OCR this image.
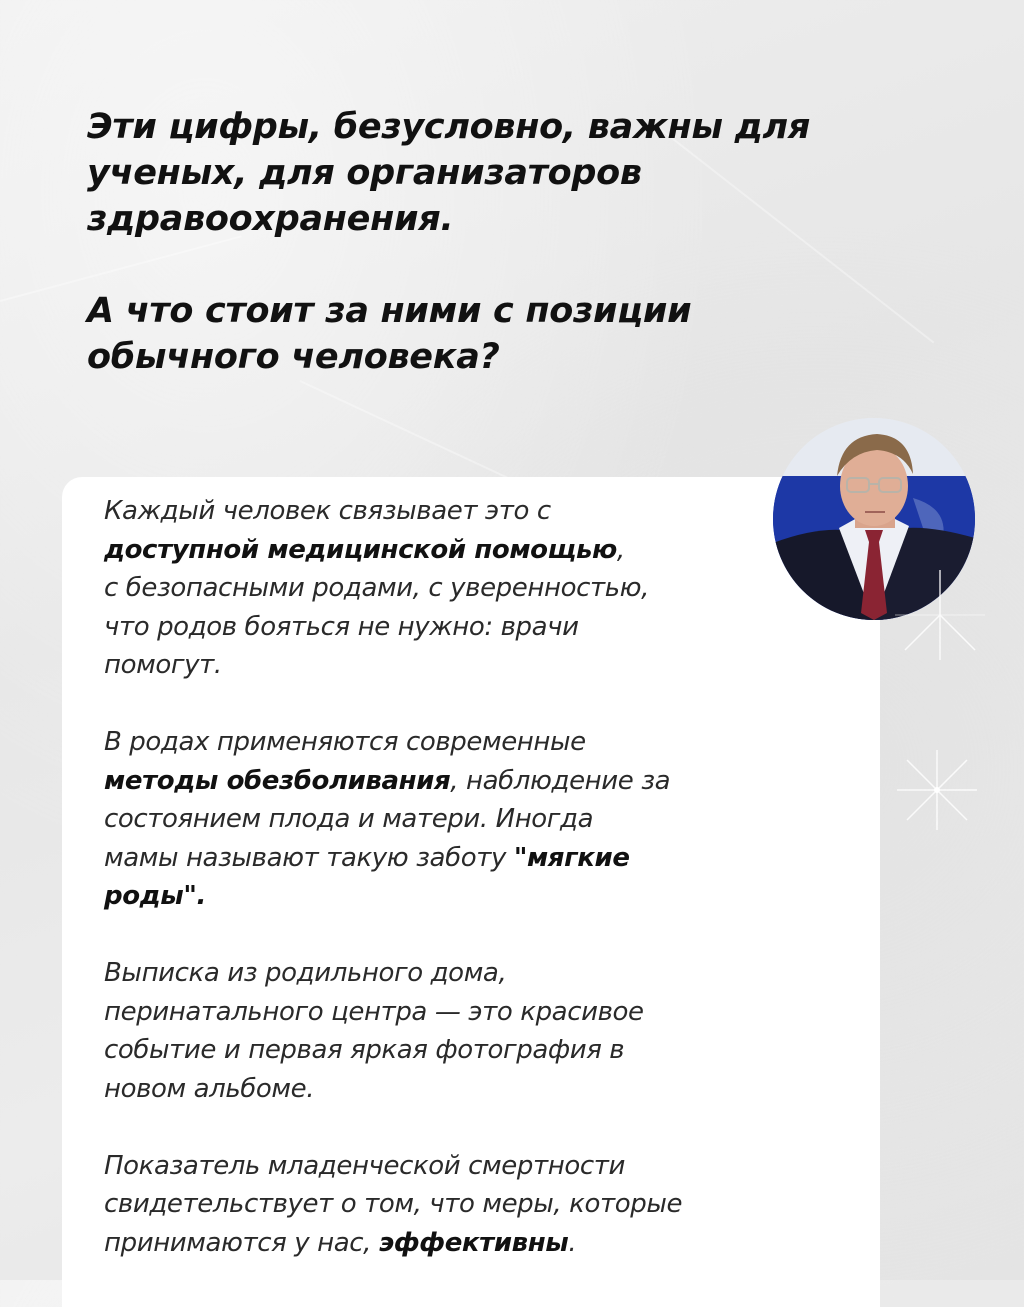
Эти цифры, безусловно, важны для
ученых, для организаторов
здравоохранения.

А что стоит за ними с позиции
обычного человека?

Каждый человек связывает это с
доступной медицинской помощью,
с безопасными родами, с уверенностью,
что родов бояться не нужно: врачи
помогут.

В родах применяются современные
методы обезболивания, наблюдение за
состоянием плода и матери. Иногда
мамы называют такую заботу "мягкие
роды".

Выписка из родильного дома,
перинатального центра — это красивое
событие и первая яркая фотография в
новом альбоме.

Показатель младенческой смертности
свидетельствует о том, что меры, которые
принимаются у нас, эффективны.
